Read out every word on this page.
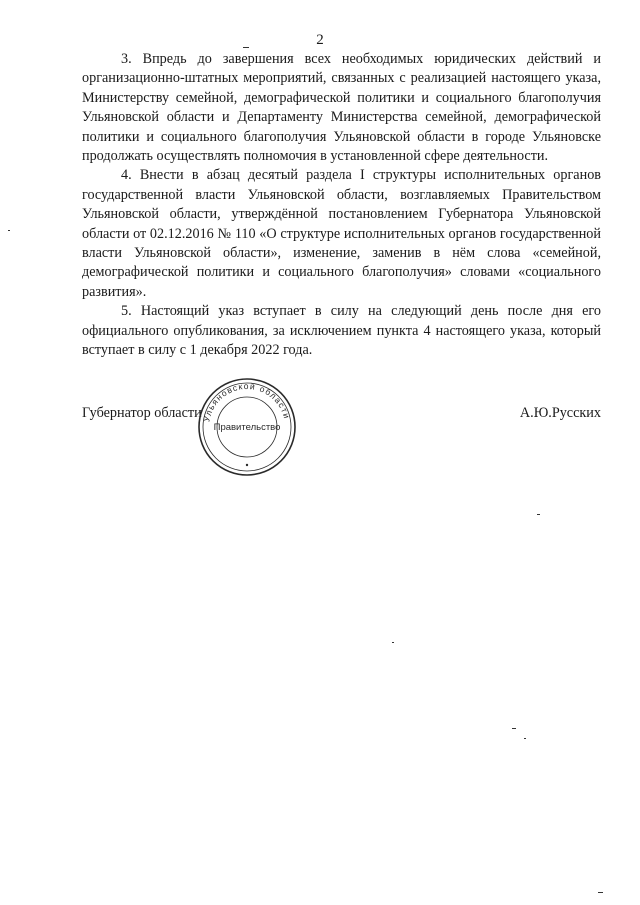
2

3. Впредь до завершения всех необходимых юридических действий и организационно-штатных мероприятий, связанных с реализацией настоящего указа, Министерству семейной, демографической политики и социального благополучия Ульяновской области и Департаменту Министерства семейной, демографической политики и социального благополучия Ульяновской области в городе Ульяновске продолжать осуществлять полномочия в установленной сфере деятельности.

4. Внести в абзац десятый раздела I структуры исполнительных органов государственной власти Ульяновской области, возглавляемых Правительством Ульяновской области, утверждённой постановлением Губернатора Ульяновской области от 02.12.2016 № 110 «О структуре исполнительных органов государственной власти Ульяновской области», изменение, заменив в нём слова «семейной, демографической политики и социального благополучия» словами «социального развития».

5. Настоящий указ вступает в силу на следующий день после дня его официального опубликования, за исключением пункта 4 настоящего указа, который вступает в силу с 1 декабря 2022 года.

Губернатор области	А.Ю.Русских
Ульяновской области
Правительство
